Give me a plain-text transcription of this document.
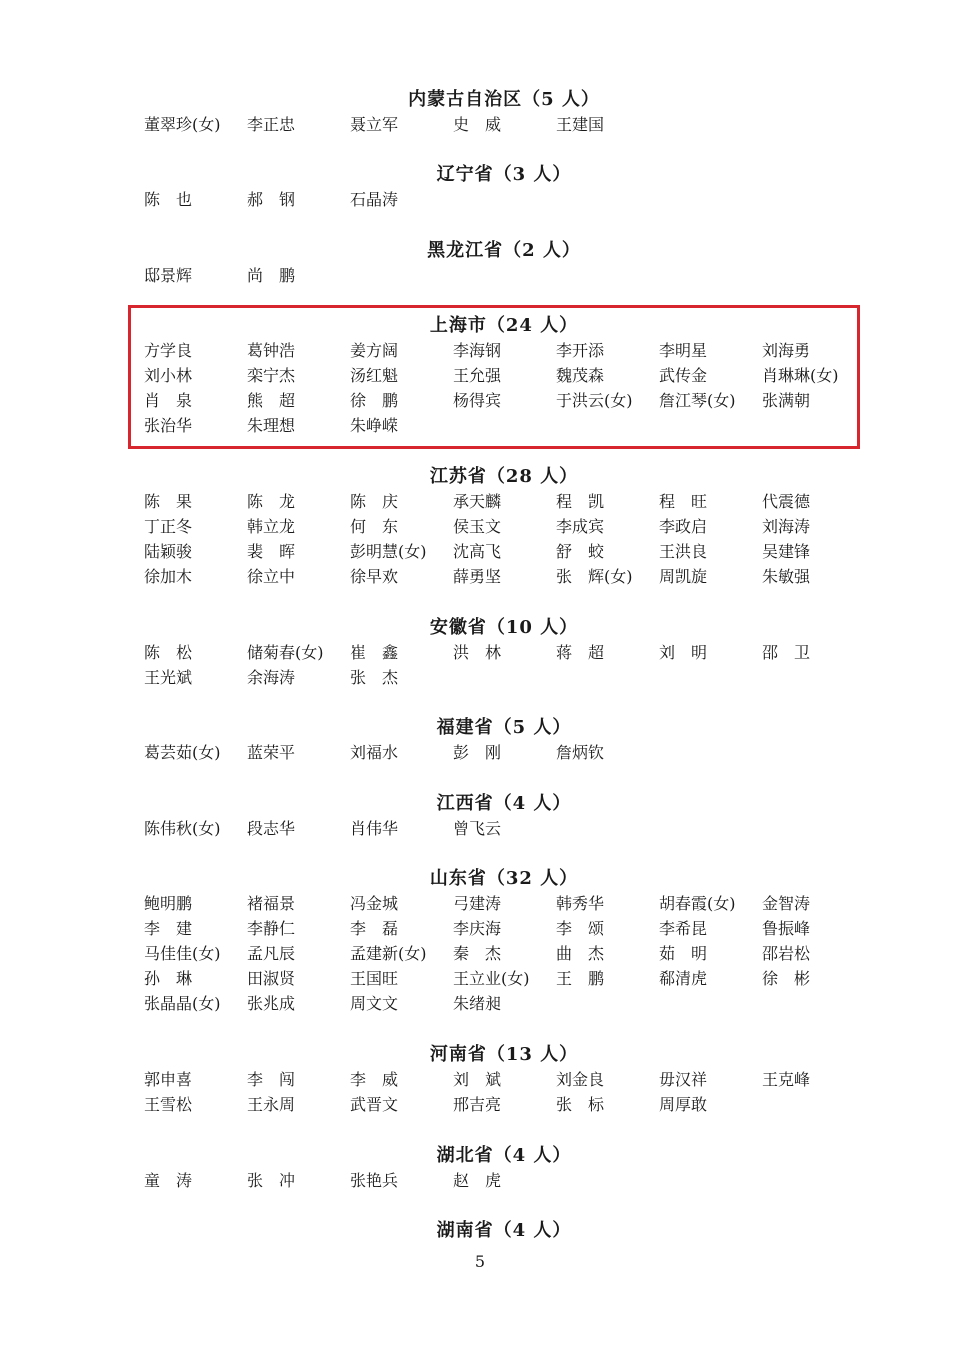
内蒙古自治区（5 人）
董翠珍(女)	李正忠	聂立军	史　威	王建国
辽宁省（3 人）
陈　也	郝　钢	石晶涛
黑龙江省（2 人）
邸景辉	尚　鹏
上海市（24 人）
方学良	葛钟浩	姜方阔	李海钢	李开添	李明星	刘海勇
刘小林	栾宁杰	汤红魁	王允强	魏茂森	武传金	肖琳琳(女)
肖　泉	熊　超	徐　鹏	杨得宾	于洪云(女)	詹江琴(女)	张满朝
张治华	朱理想	朱峥嵘
江苏省（28 人）
陈　果	陈　龙	陈　庆	承天麟	程　凯	程　旺	代震德
丁正冬	韩立龙	何　东	侯玉文	李成宾	李政启	刘海涛
陆颖骏	裴　晖	彭明慧(女)	沈高飞	舒　蛟	王洪良	吴建锋
徐加木	徐立中	徐早欢	薛勇坚	张　辉(女)	周凯旋	朱敏强
安徽省（10 人）
陈　松	储菊春(女)	崔　鑫	洪　林	蒋　超	刘　明	邵　卫
王光斌	余海涛	张　杰
福建省（5 人）
葛芸茹(女)	蓝荣平	刘福水	彭　刚	詹炳钦
江西省（4 人）
陈伟秋(女)	段志华	肖伟华	曾飞云
山东省（32 人）
鲍明鹏	褚福景	冯金城	弓建涛	韩秀华	胡春霞(女)	金智涛
李　建	李静仁	李　磊	李庆海	李　颂	李希昆	鲁振峰
马佳佳(女)	孟凡辰	孟建新(女)	秦　杰	曲　杰	茹　明	邵岩松
孙　琳	田淑贤	王国旺	王立业(女)	王　鹏	郗清虎	徐　彬
张晶晶(女)	张兆成	周文文	朱绪昶
河南省（13 人）
郭申喜	李　闯	李　威	刘　斌	刘金良	毋汉祥	王克峰
王雪松	王永周	武晋文	邢吉亮	张　标	周厚敢
湖北省（4 人）
童　涛	张　冲	张艳兵	赵　虎
湖南省（4 人）
5
